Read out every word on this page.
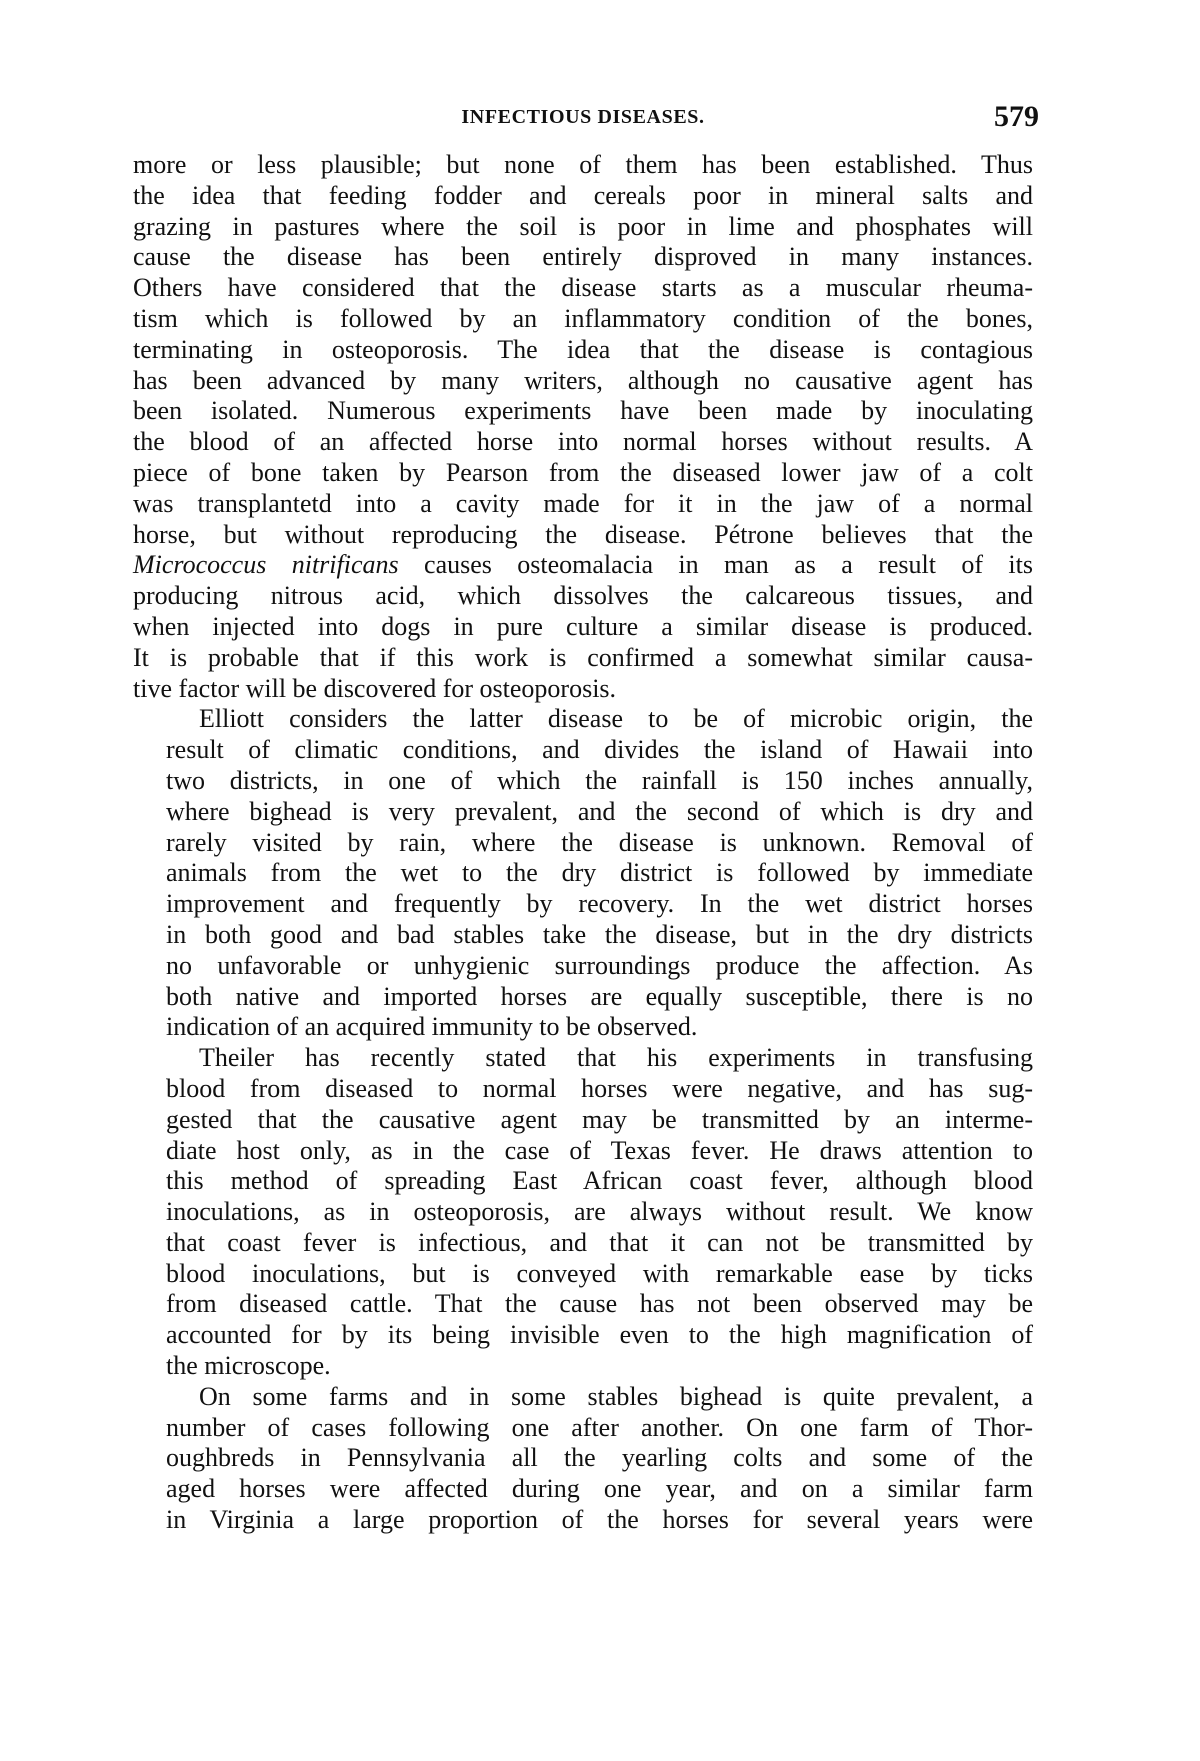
INFECTIOUS DISEASES.	579
more or less plausible; but none of them has been established. Thus
the idea that feeding fodder and cereals poor in mineral salts and
grazing in pastures where the soil is poor in lime and phosphates will
cause the disease has been entirely disproved in many instances.
Others have considered that the disease starts as a muscular rheuma-
tism which is followed by an inflammatory condition of the bones,
terminating in osteoporosis. The idea that the disease is contagious
has been advanced by many writers, although no causative agent has
been isolated. Numerous experiments have been made by inoculating
the blood of an affected horse into normal horses without results. A
piece of bone taken by Pearson from the diseased lower jaw of a colt
was transplantetd into a cavity made for it in the jaw of a normal
horse, but without reproducing the disease. Pétrone believes that the
Micrococcus nitrificans causes osteomalacia in man as a result of its
producing nitrous acid, which dissolves the calcareous tissues, and
when injected into dogs in pure culture a similar disease is produced.
It is probable that if this work is confirmed a somewhat similar causa-
tive factor will be discovered for osteoporosis.
Elliott considers the latter disease to be of microbic origin, the
result of climatic conditions, and divides the island of Hawaii into
two districts, in one of which the rainfall is 150 inches annually,
where bighead is very prevalent, and the second of which is dry and
rarely visited by rain, where the disease is unknown. Removal of
animals from the wet to the dry district is followed by immediate
improvement and frequently by recovery. In the wet district horses
in both good and bad stables take the disease, but in the dry districts
no unfavorable or unhygienic surroundings produce the affection. As
both native and imported horses are equally susceptible, there is no
indication of an acquired immunity to be observed.
Theiler has recently stated that his experiments in transfusing
blood from diseased to normal horses were negative, and has sug-
gested that the causative agent may be transmitted by an interme-
diate host only, as in the case of Texas fever. He draws attention to
this method of spreading East African coast fever, although blood
inoculations, as in osteoporosis, are always without result. We know
that coast fever is infectious, and that it can not be transmitted by
blood inoculations, but is conveyed with remarkable ease by ticks
from diseased cattle. That the cause has not been observed may be
accounted for by its being invisible even to the high magnification of
the microscope.
On some farms and in some stables bighead is quite prevalent, a
number of cases following one after another. On one farm of Thor-
oughbreds in Pennsylvania all the yearling colts and some of the
aged horses were affected during one year, and on a similar farm
in Virginia a large proportion of the horses for several years were
